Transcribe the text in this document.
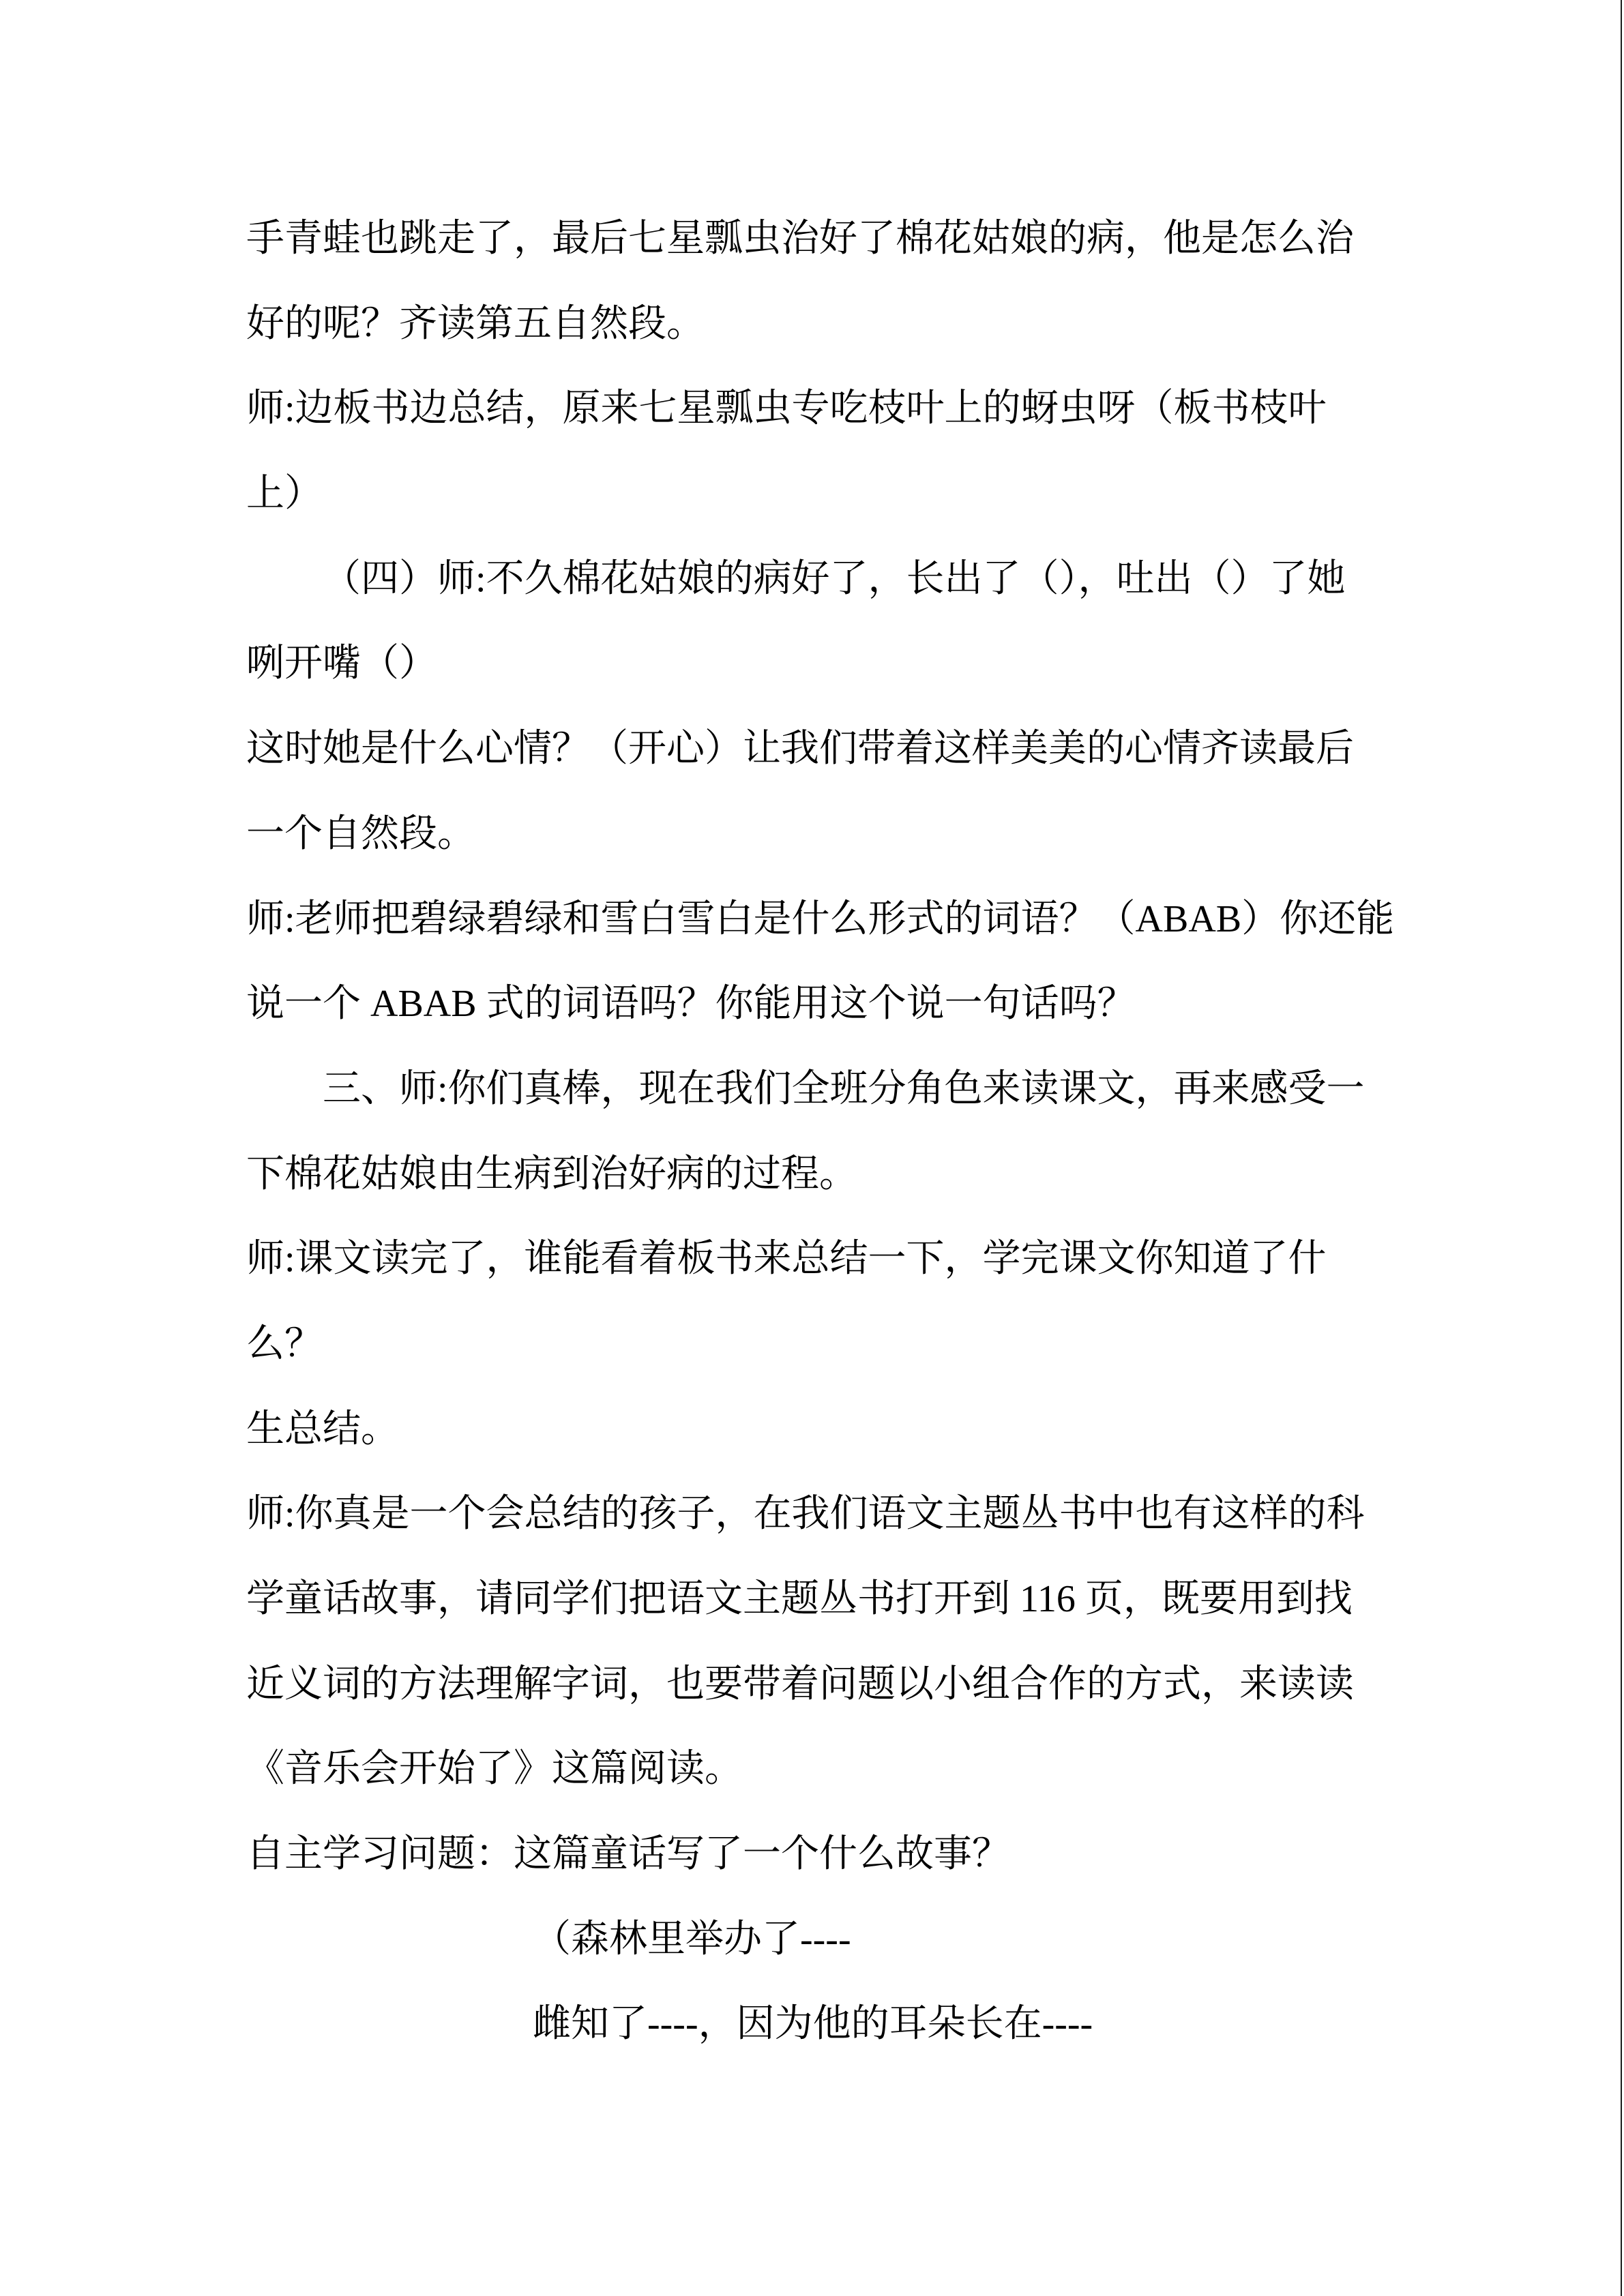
手青蛙也跳走了，最后七星瓢虫治好了棉花姑娘的病，他是怎么治
好的呢？齐读第五自然段。
师:边板书边总结，原来七星瓢虫专吃枝叶上的蚜虫呀（板书枝叶
上）
（四）师:不久棉花姑娘的病好了，长出了（），吐出（）了她
咧开嘴（）
这时她是什么心情？（开心）让我们带着这样美美的心情齐读最后
一个自然段。
师:老师把碧绿碧绿和雪白雪白是什么形式的词语？（ABAB）你还能
说一个 ABAB 式的词语吗？你能用这个说一句话吗？
三、师:你们真棒，现在我们全班分角色来读课文，再来感受一
下棉花姑娘由生病到治好病的过程。
师:课文读完了，谁能看着板书来总结一下，学完课文你知道了什
么？
生总结。
师:你真是一个会总结的孩子，在我们语文主题丛书中也有这样的科
学童话故事，请同学们把语文主题丛书打开到 116 页，既要用到找
近义词的方法理解字词，也要带着问题以小组合作的方式，来读读
《音乐会开始了》这篇阅读。
自主学习问题：这篇童话写了一个什么故事？
（森林里举办了----
雌知了----，因为他的耳朵长在----
